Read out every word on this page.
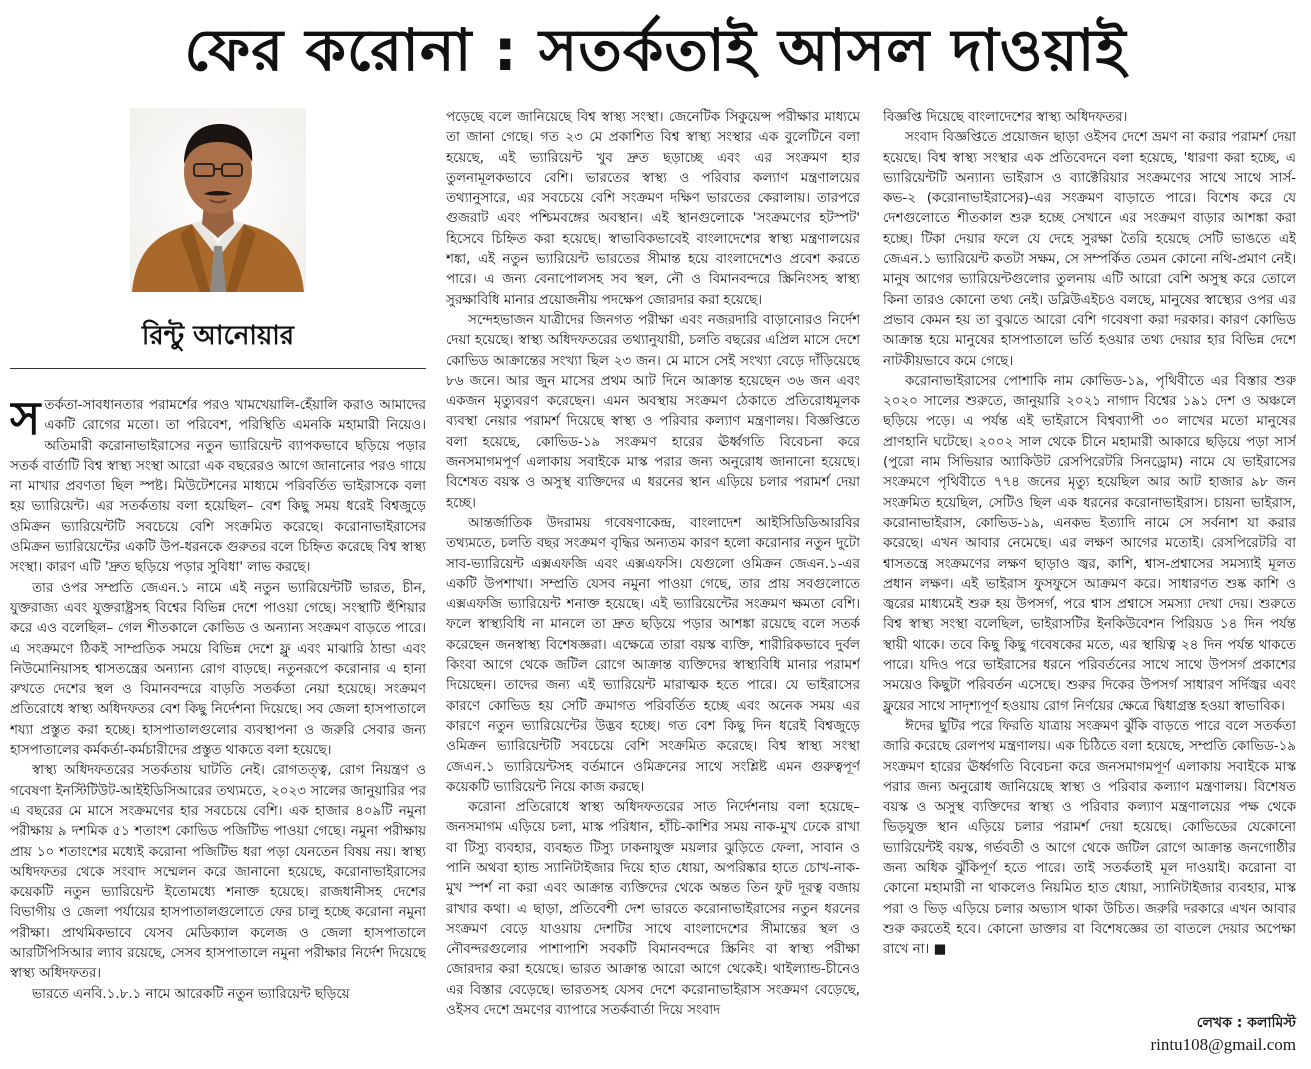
ফের করোনা : সতর্কতাই আসল দাওয়াই
রিন্টু আনোয়ার

সতর্কতা-সাবধানতার পরামর্শের পরও খামখেয়ালি-হেঁয়ালি করাও আমাদের একটি রোগের মতো। তা পরিবেশ, পরিস্থিতি এমনকি মহামারী নিয়েও। অতিমারী করোনাভাইরাসের নতুন ভ্যারিয়েন্ট ব্যাপকভাবে ছড়িয়ে পড়ার সতর্ক বার্তাটি বিশ্ব স্বাস্থ্য সংস্থা আরো এক বছরেরও আগে জানানোর পরও গায়ে না মাখার প্রবণতা ছিল স্পষ্ট। মিউটেশনের মাধ্যমে পরিবর্তিত ভাইরাসকে বলা হয় ভ্যারিয়েন্ট। এর সতর্কতায় বলা হয়েছিল– বেশ কিছু সময় ধরেই বিশ্বজুড়ে ওমিক্রন ভ্যারিয়েন্টটি সবচেয়ে বেশি সংক্রমিত করেছে। করোনাভাইরাসের ওমিক্রন ভ্যারিয়েন্টের একটি উপ-ধরনকে গুরুতর বলে চিহ্নিত করেছে বিশ্ব স্বাস্থ্য সংস্থা। কারণ এটি 'দ্রুত ছড়িয়ে পড়ার সুবিধা' লাভ করছে।

তার ওপর সম্প্রতি জেএন.১ নামে এই নতুন ভ্যারিয়েন্টটি ভারত, চীন, যুক্তরাজ্য এবং যুক্তরাষ্ট্রসহ বিশ্বের বিভিন্ন দেশে পাওয়া গেছে। সংস্থাটি হুঁশিয়ার করে এও বলেছিল– গেল শীতকালে কোভিড ও অন্যান্য সংক্রমণ বাড়তে পারে। এ সংক্রমণে ঠিকই সাম্প্রতিক সময়ে বিভিন্ন দেশে ফ্লু এবং মাঝারি ঠান্ডা এবং নিউমোনিয়াসহ শ্বাসতন্ত্রের অন্যান্য রোগ বাড়ছে। নতুনরূপে করোনার এ হানা রুখতে দেশের স্থল ও বিমানবন্দরে বাড়তি সতর্কতা নেয়া হয়েছে। সংক্রমণ প্রতিরোধে স্বাস্থ্য অধিদফতর বেশ কিছু নির্দেশনা দিয়েছে। সব জেলা হাসপাতালে শয্যা প্রস্তুত করা হচ্ছে। হাসপাতালগুলোর ব্যবস্থাপনা ও জরুরি সেবার জন্য হাসপাতালের কর্মকর্তা-কর্মচারীদের প্রস্তুত থাকতে বলা হয়েছে।

স্বাস্থ্য অধিদফতরের সতর্কতায় ঘাটতি নেই। রোগতত্ত্ব, রোগ নিয়ন্ত্রণ ও গবেষণা ইনস্টিটিউট-আইইডিসিআরের তথ্যমতে, ২০২৩ সালের জানুয়ারির পর এ বছরের মে মাসে সংক্রমণের হার সবচেয়ে বেশি। এক হাজার ৪০৯টি নমুনা পরীক্ষায় ৯ দশমিক ৫১ শতাংশ কোভিড পজিটিভ পাওয়া গেছে। নমুনা পরীক্ষায় প্রায় ১০ শতাংশের মধ্যেই করোনা পজিটিভ ধরা পড়া যেনতেন বিষয় নয়। স্বাস্থ্য অধিদফতর থেকে সংবাদ সম্মেলন করে জানানো হয়েছে, করোনাভাইরাসের কয়েকটি নতুন ভ্যারিয়েন্ট ইতোমধ্যে শনাক্ত হয়েছে। রাজধানীসহ দেশের বিভাগীয় ও জেলা পর্যায়ের হাসপাতালগুলোতে ফের চালু হচ্ছে করোনা নমুনা পরীক্ষা। প্রাথমিকভাবে যেসব মেডিক্যাল কলেজ ও জেলা হাসপাতালে আরটিপিসিআর ল্যাব রয়েছে, সেসব হাসপাতালে নমুনা পরীক্ষার নির্দেশ দিয়েছে স্বাস্থ্য অধিদফতর।

ভারতে এনবি.১.৮.১ নামে আরেকটি নতুন ভ্যারিয়েন্ট ছড়িয়ে

পড়েছে বলে জানিয়েছে বিশ্ব স্বাস্থ্য সংস্থা। জেনেটিক সিকুয়েন্স পরীক্ষার মাধ্যমে তা জানা গেছে। গত ২৩ মে প্রকাশিত বিশ্ব স্বাস্থ্য সংস্থার এক বুলেটিনে বলা হয়েছে, এই ভ্যারিয়েন্ট খুব দ্রুত ছড়াচ্ছে এবং এর সংক্রমণ হার তুলনামূলকভাবে বেশি। ভারতের স্বাস্থ্য ও পরিবার কল্যাণ মন্ত্রণালয়ের তথ্যানুসারে, এর সবচেয়ে বেশি সংক্রমণ দক্ষিণ ভারতের কেরালায়। তারপরে গুজরাট এবং পশ্চিমবঙ্গের অবস্থান। এই স্থানগুলোকে 'সংক্রমণের হটস্পট' হিসেবে চিহ্নিত করা হয়েছে। স্বাভাবিকভাবেই বাংলাদেশের স্বাস্থ্য মন্ত্রণালয়ের শঙ্কা, এই নতুন ভ্যারিয়েন্ট ভারতের সীমান্ত হয়ে বাংলাদেশেও প্রবেশ করতে পারে। এ জন্য বেনাপোলসহ সব স্থল, নৌ ও বিমানবন্দরে স্ক্রিনিংসহ স্বাস্থ্য সুরক্ষাবিধি মানার প্রয়োজনীয় পদক্ষেপ জোরদার করা হয়েছে।

সন্দেহভাজন যাত্রীদের জিনগত পরীক্ষা এবং নজরদারি বাড়ানোরও নির্দেশ দেয়া হয়েছে। স্বাস্থ্য অধিদফতরের তথ্যানুযায়ী, চলতি বছরের এপ্রিল মাসে দেশে কোভিড আক্রান্তের সংখ্যা ছিল ২৩ জন। মে মাসে সেই সংখ্যা বেড়ে দাঁড়িয়েছে ৮৬ জনে। আর জুন মাসের প্রথম আট দিনে আক্রান্ত হয়েছেন ৩৬ জন এবং একজন মৃত্যুবরণ করেছেন। এমন অবস্থায় সংক্রমণ ঠেকাতে প্রতিরোধমূলক ব্যবস্থা নেয়ার পরামর্শ দিয়েছে স্বাস্থ্য ও পরিবার কল্যাণ মন্ত্রণালয়। বিজ্ঞপ্তিতে বলা হয়েছে, কোভিড-১৯ সংক্রমণ হারের ঊর্ধ্বগতি বিবেচনা করে জনসমাগমপূর্ণ এলাকায় সবাইকে মাস্ক পরার জন্য অনুরোধ জানানো হয়েছে। বিশেষত বয়স্ক ও অসুস্থ ব্যক্তিদের এ ধরনের স্থান এড়িয়ে চলার পরামর্শ দেয়া হচ্ছে।

আন্তর্জাতিক উদরাময় গবেষণাকেন্দ্র, বাংলাদেশ আইসিডিডিআরবির তথ্যমতে, চলতি বছর সংক্রমণ বৃদ্ধির অন্যতম কারণ হলো করোনার নতুন দুটো সাব-ভ্যারিয়েন্ট এক্সএফজি এবং এক্সএফসি। যেগুলো ওমিক্রন জেএন.১-এর একটি উপশাখা। সম্প্রতি যেসব নমুনা পাওয়া গেছে, তার প্রায় সবগুলোতে এক্সএফজি ভ্যারিয়েন্ট শনাক্ত হয়েছে। এই ভ্যারিয়েন্টের সংক্রমণ ক্ষমতা বেশি। ফলে স্বাস্থ্যবিধি না মানলে তা দ্রুত ছড়িয়ে পড়ার আশঙ্কা রয়েছে বলে সতর্ক করেছেন জনস্বাস্থ্য বিশেষজ্ঞরা। এক্ষেত্রে তারা বয়স্ক ব্যক্তি, শারীরিকভাবে দুর্বল কিংবা আগে থেকে জটিল রোগে আক্রান্ত ব্যক্তিদের স্বাস্থ্যবিধি মানার পরামর্শ দিয়েছেন। তাদের জন্য এই ভ্যারিয়েন্ট মারাত্মক হতে পারে। যে ভাইরাসের কারণে কোভিড হয় সেটি ক্রমাগত পরিবর্তিত হচ্ছে এবং অনেক সময় এর কারণে নতুন ভ্যারিয়েন্টের উদ্ভব হচ্ছে। গত বেশ কিছু দিন ধরেই বিশ্বজুড়ে ওমিক্রন ভ্যারিয়েন্টটি সবচেয়ে বেশি সংক্রমিত করেছে। বিশ্ব স্বাস্থ্য সংস্থা জেএন.১ ভ্যারিয়েন্টসহ বর্তমানে ওমিক্রনের সাথে সংশ্লিষ্ট এমন গুরুত্বপূর্ণ কয়েকটি ভ্যারিয়েন্ট নিয়ে কাজ করছে।

করোনা প্রতিরোধে স্বাস্থ্য অধিদফতরের সাত নির্দেশনায় বলা হয়েছে– জনসমাগম এড়িয়ে চলা, মাস্ক পরিধান, হাঁচি-কাশির সময় নাক-মুখ ঢেকে রাখা বা টিস্যু ব্যবহার, ব্যবহৃত টিস্যু ঢাকনাযুক্ত ময়লার ঝুড়িতে ফেলা, সাবান ও পানি অথবা হ্যান্ড স্যানিটাইজার দিয়ে হাত ধোয়া, অপরিষ্কার হাতে চোখ-নাক-মুখ স্পর্শ না করা এবং আক্রান্ত ব্যক্তিদের থেকে অন্তত তিন ফুট দূরত্ব বজায় রাখার কথা। এ ছাড়া, প্রতিবেশী দেশ ভারতে করোনাভাইরাসের নতুন ধরনের সংক্রমণ বেড়ে যাওয়ায় দেশটির সাথে বাংলাদেশের সীমান্তের স্থল ও নৌবন্দরগুলোর পাশাপাশি সবকটি বিমানবন্দরে স্ক্রিনিং বা স্বাস্থ্য পরীক্ষা জোরদার করা হয়েছে। ভারত আক্রান্ত আরো আগে থেকেই। থাইল্যান্ড-চীনেও এর বিস্তার বেড়েছে। ভারতসহ যেসব দেশে করোনাভাইরাস সংক্রমণ বেড়েছে, ওইসব দেশে ভ্রমণের ব্যাপারে সতর্কবার্তা দিয়ে সংবাদ

বিজ্ঞপ্তি দিয়েছে বাংলাদেশের স্বাস্থ্য অধিদফতর।

সংবাদ বিজ্ঞপ্তিতে প্রয়োজন ছাড়া ওইসব দেশে ভ্রমণ না করার পরামর্শ দেয়া হয়েছে। বিশ্ব স্বাস্থ্য সংস্থার এক প্রতিবেদনে বলা হয়েছে, 'ধারণা করা হচ্ছে, এ ভ্যারিয়েন্টটি অন্যান্য ভাইরাস ও ব্যাক্টেরিয়ার সংক্রমণের সাথে সাথে সার্স-কভ-২ (করোনাভাইরাসের)-এর সংক্রমণ বাড়াতে পারে। বিশেষ করে যে দেশগুলোতে শীতকাল শুরু হচ্ছে সেখানে এর সংক্রমণ বাড়ার আশঙ্কা করা হচ্ছে। টিকা দেয়ার ফলে যে দেহে সুরক্ষা তৈরি হয়েছে সেটি ভাঙতে এই জেএন.১ ভ্যারিয়েন্ট কতটা সক্ষম, সে সম্পর্কিত তেমন কোনো নথি-প্রমাণ নেই। মানুষ আগের ভ্যারিয়েন্টগুলোর তুলনায় এটি আরো বেশি অসুস্থ করে তোলে কিনা তারও কোনো তথ্য নেই। ডব্লিউএইচও বলছে, মানুষের স্বাস্থ্যের ওপর এর প্রভাব কেমন হয় তা বুঝতে আরো বেশি গবেষণা করা দরকার। কারণ কোভিড আক্রান্ত হয়ে মানুষের হাসপাতালে ভর্তি হওয়ার তথ্য দেয়ার হার বিভিন্ন দেশে নাটকীয়ভাবে কমে গেছে।

করোনাভাইরাসের পোশাকি নাম কোভিড-১৯, পৃথিবীতে এর বিস্তার শুরু ২০২০ সালের শুরুতে, জানুয়ারি ২০২১ নাগাদ বিশ্বের ১৯১ দেশ ও অঞ্চলে ছড়িয়ে পড়ে। এ পর্যন্ত এই ভাইরাসে বিশ্বব্যাপী ৩০ লাখের মতো মানুষের প্রাণহানি ঘটেছে। ২০০২ সাল থেকে চীনে মহামারী আকারে ছড়িয়ে পড়া সার্স (পুরো নাম সিভিয়ার অ্যাকিউট রেসপিরেটরি সিনড্রোম) নামে যে ভাইরাসের সংক্রমণে পৃথিবীতে ৭৭৪ জনের মৃত্যু হয়েছিল আর আট হাজার ৯৮ জন সংক্রমিত হয়েছিল, সেটিও ছিল এক ধরনের করোনাভাইরাস। চায়না ভাইরাস, করোনাভাইরাস, কোভিড-১৯, এনকভ ইত্যাদি নামে সে সর্বনাশ যা করার করেছে। এখন আবার নেমেছে। এর লক্ষণ আগের মতোই। রেসপিরেটরি বা শ্বাসতন্ত্রে সংক্রমণের লক্ষণ ছাড়াও জ্বর, কাশি, শ্বাস-প্রশ্বাসের সমস্যাই মূলত প্রধান লক্ষণ। এই ভাইরাস ফুসফুসে আক্রমণ করে। সাধারণত শুষ্ক কাশি ও জ্বরের মাধ্যমেই শুরু হয় উপসর্গ, পরে শ্বাস প্রশ্বাসে সমস্যা দেখা দেয়। শুরুতে বিশ্ব স্বাস্থ্য সংস্থা বলেছিল, ভাইরাসটির ইনকিউবেশন পিরিয়ড ১৪ দিন পর্যন্ত স্থায়ী থাকে। তবে কিছু কিছু গবেষকের মতে, এর স্থায়িত্ব ২৪ দিন পর্যন্ত থাকতে পারে। যদিও পরে ভাইরাসের ধরনে পরিবর্তনের সাথে সাথে উপসর্গ প্রকাশের সময়েও কিছুটা পরিবর্তন এসেছে। শুরুর দিকের উপসর্গ সাধারণ সর্দিজ্বর এবং ফ্লুয়ের সাথে সাদৃশ্যপূর্ণ হওয়ায় রোগ নির্ণয়ের ক্ষেত্রে দ্বিধাগ্রস্ত হওয়া স্বাভাবিক।

ঈদের ছুটির পরে ফিরতি যাত্রায় সংক্রমণ ঝুঁকি বাড়তে পারে বলে সতর্কতা জারি করেছে রেলপথ মন্ত্রণালয়। এক চিঠিতে বলা হয়েছে, সম্প্রতি কোভিড-১৯ সংক্রমণ হারের ঊর্ধ্বগতি বিবেচনা করে জনসমাগমপূর্ণ এলাকায় সবাইকে মাস্ক পরার জন্য অনুরোধ জানিয়েছে স্বাস্থ্য ও পরিবার কল্যাণ মন্ত্রণালয়। বিশেষত বয়স্ক ও অসুস্থ ব্যক্তিদের স্বাস্থ্য ও পরিবার কল্যাণ মন্ত্রণালয়ের পক্ষ থেকে ভিড়যুক্ত স্থান এড়িয়ে চলার পরামর্শ দেয়া হয়েছে। কোভিডের যেকোনো ভ্যারিয়েন্টই বয়স্ক, গর্ভবতী ও আগে থেকে জটিল রোগে আক্রান্ত জনগোষ্ঠীর জন্য অধিক ঝুঁকিপূর্ণ হতে পারে। তাই সতর্কতাই মূল দাওয়াই। করোনা বা কোনো মহামারী না থাকলেও নিয়মিত হাত ধোয়া, স্যানিটাইজার ব্যবহার, মাস্ক পরা ও ভিড় এড়িয়ে চলার অভ্যাস থাকা উচিত। জরুরি দরকারে এখন আবার শুরু করতেই হবে। কোনো ডাক্তার বা বিশেষজ্ঞের তা বাতলে দেয়ার অপেক্ষা রাখে না। ■

লেখক : কলামিস্ট
rintu108@gmail.com
